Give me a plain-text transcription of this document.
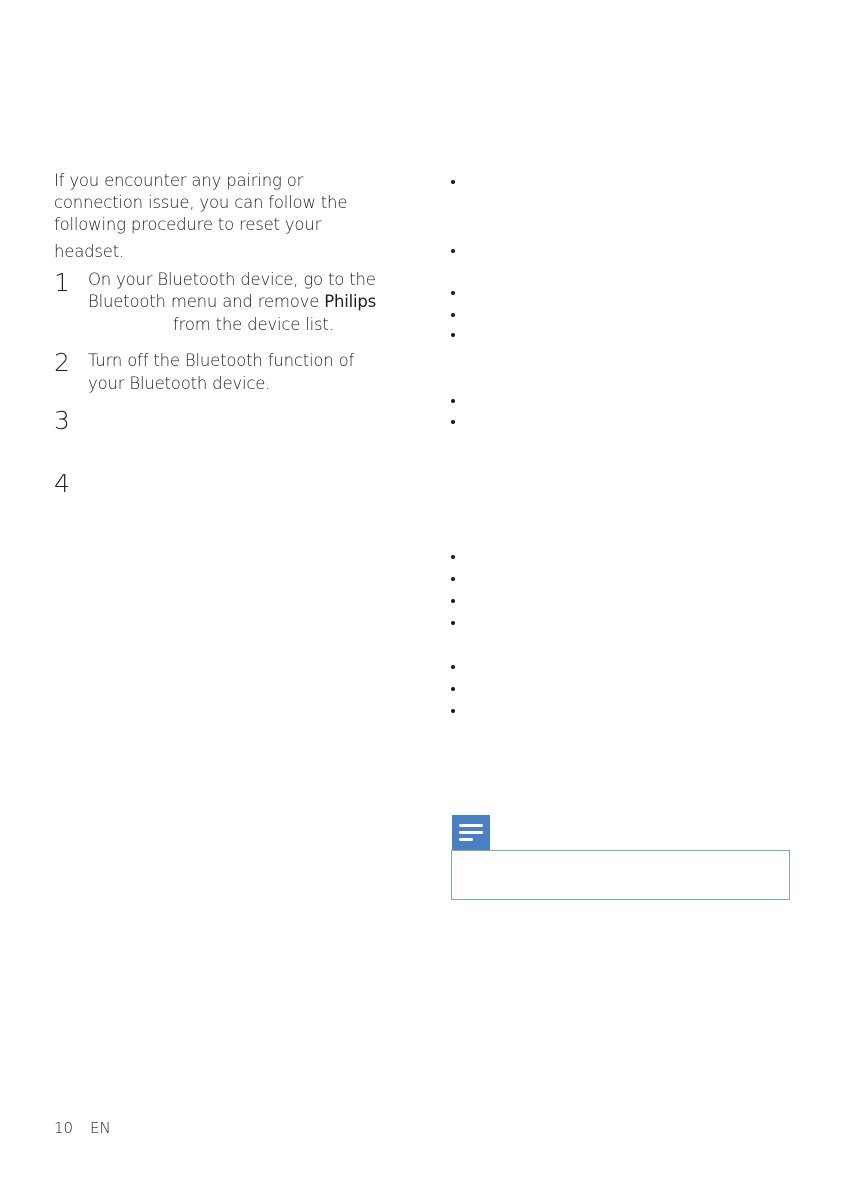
If you encounter any pairing or
connection issue, you can follow the
following procedure to reset your
headset.
1 On your Bluetooth device, go to the
Bluetooth menu and remove Philips
from the device list.
2 Turn off the Bluetooth function of
your Bluetooth device.
3
4
10 EN
